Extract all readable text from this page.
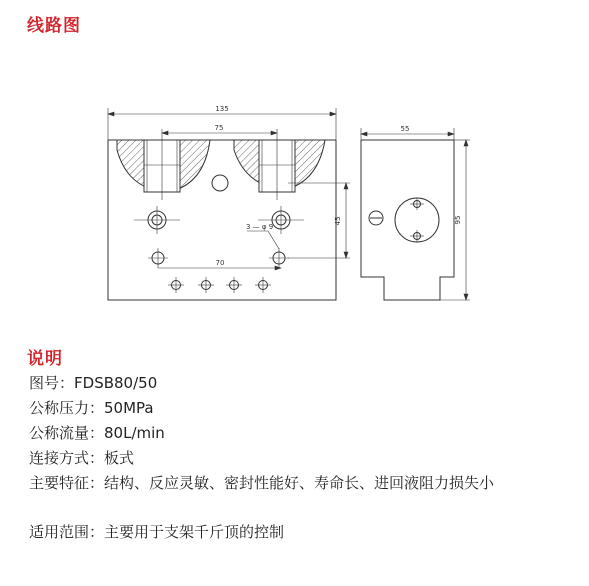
线路图
135
75
70
45
3 — φ 9
55
95
说明
图号：FDSB80/50
公称压力：50MPa
公称流量：80L/min
连接方式：板式
主要特征：结构、反应灵敏、密封性能好、寿命长、进回液阻力损失小
适用范围：主要用于支架千斤顶的控制
